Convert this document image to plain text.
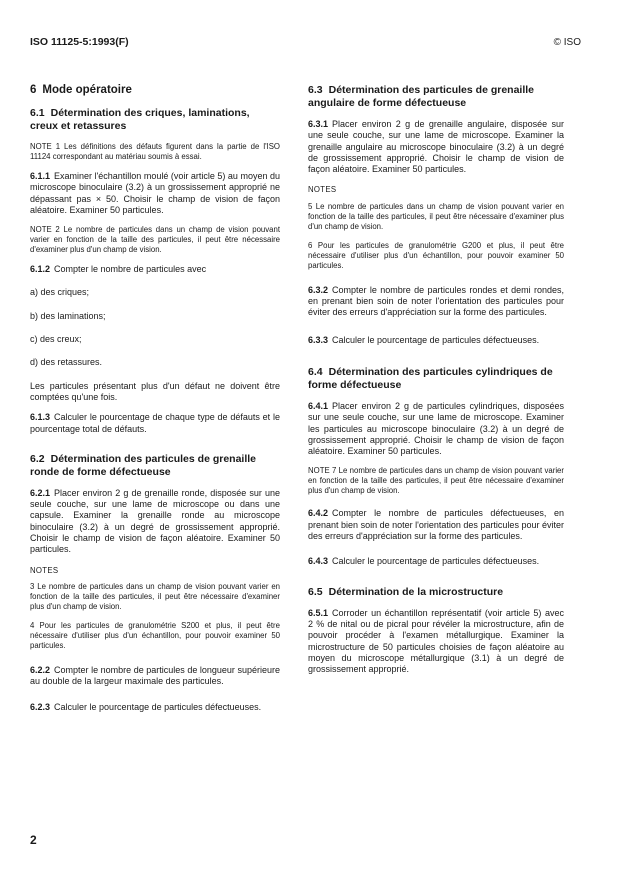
ISO 11125-5:1993(F)	© ISO
6 Mode opératoire
6.1 Détermination des criques, laminations, creux et retassures
NOTE 1 Les définitions des défauts figurent dans la partie de l'ISO 11124 correspondant au matériau soumis à essai.

6.1.1 Examiner l'échantillon moulé (voir article 5) au moyen du microscope binoculaire (3.2) à un grossissement approprié ne dépassant pas × 50. Choisir le champ de vision de façon aléatoire. Examiner 50 particules.

NOTE 2 Le nombre de particules dans un champ de vision pouvant varier en fonction de la taille des particules, il peut être nécessaire d'examiner plus d'un champ de vision.

6.1.2 Compter le nombre de particules avec

a) des criques;
b) des laminations;
c) des creux;
d) des retassures.

Les particules présentant plus d'un défaut ne doivent être comptées qu'une fois.

6.1.3 Calculer le pourcentage de chaque type de défauts et le pourcentage total de défauts.

6.2 Détermination des particules de grenaille ronde de forme défectueuse

6.2.1 Placer environ 2 g de grenaille ronde, disposée sur une seule couche, sur une lame de microscope ou dans une capsule. Examiner la grenaille ronde au microscope binoculaire (3.2) à un degré de grossissement approprié. Choisir le champ de vision de façon aléatoire. Examiner 50 particules.

NOTES
3 Le nombre de particules dans un champ de vision pouvant varier en fonction de la taille des particules, il peut être nécessaire d'examiner plus d'un champ de vision.
4 Pour les particules de granulométrie S200 et plus, il peut être nécessaire d'utiliser plus d'un échantillon, pour pouvoir examiner 50 particules.

6.2.2 Compter le nombre de particules de longueur supérieure au double de la largeur maximale des particules.

6.2.3 Calculer le pourcentage de particules défectueuses.

6.3 Détermination des particules de grenaille angulaire de forme défectueuse

6.3.1 Placer environ 2 g de grenaille angulaire, disposée sur une seule couche, sur une lame de microscope. Examiner la grenaille angulaire au microscope binoculaire (3.2) à un degré de grossissement approprié. Choisir le champ de vision de façon aléatoire. Examiner 50 particules.

NOTES
5 Le nombre de particules dans un champ de vision pouvant varier en fonction de la taille des particules, il peut être nécessaire d'examiner plus d'un champ de vision.
6 Pour les particules de granulométrie G200 et plus, il peut être nécessaire d'utiliser plus d'un échantillon, pour pouvoir examiner 50 particules.

6.3.2 Compter le nombre de particules rondes et demi rondes, en prenant bien soin de noter l'orientation des particules pour éviter des erreurs d'appréciation sur la forme des particules.

6.3.3 Calculer le pourcentage de particules défectueuses.

6.4 Détermination des particules cylindriques de forme défectueuse

6.4.1 Placer environ 2 g de particules cylindriques, disposées sur une seule couche, sur une lame de microscope. Examiner les particules au microscope binoculaire (3.2) à un degré de grossissement approprié. Choisir le champ de vision de façon aléatoire. Examiner 50 particules.

NOTE 7 Le nombre de particules dans un champ de vision pouvant varier en fonction de la taille des particules, il peut être nécessaire d'examiner plus d'un champ de vision.

6.4.2 Compter le nombre de particules défectueuses, en prenant bien soin de noter l'orientation des particules pour éviter des erreurs d'appréciation sur la forme des particules.

6.4.3 Calculer le pourcentage de particules défectueuses.

6.5 Détermination de la microstructure

6.5.1 Corroder un échantillon représentatif (voir article 5) avec 2 % de nital ou de picral pour révéler la microstructure, afin de pouvoir procéder à l'examen métallurgique. Examiner la microstructure de 50 particules choisies de façon aléatoire au moyen du microscope métallurgique (3.1) à un degré de grossissement approprié.

2
